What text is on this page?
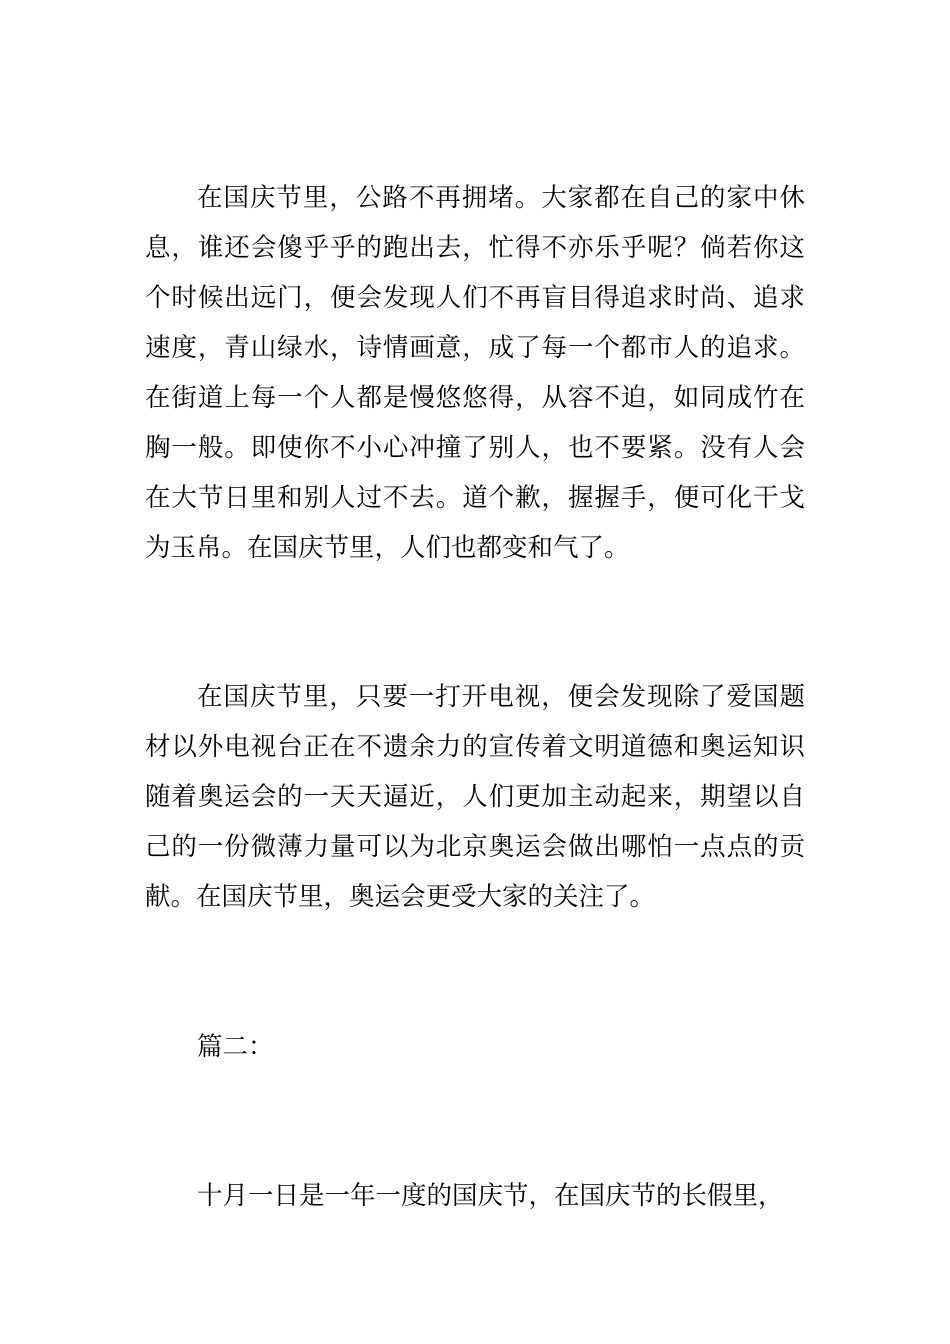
在国庆节里，公路不再拥堵。大家都在自己的家中休息，谁还会傻乎乎的跑出去，忙得不亦乐乎呢？倘若你这个时候出远门，便会发现人们不再盲目得追求时尚、追求速度，青山绿水，诗情画意，成了每一个都市人的追求。在街道上每一个人都是慢悠悠得，从容不迫，如同成竹在胸一般。即使你不小心冲撞了别人，也不要紧。没有人会在大节日里和别人过不去。道个歉，握握手，便可化干戈为玉帛。在国庆节里，人们也都变和气了。

在国庆节里，只要一打开电视，便会发现除了爱国题材以外电视台正在不遗余力的宣传着文明道德和奥运知识随着奥运会的一天天逼近，人们更加主动起来，期望以自己的一份微薄力量可以为北京奥运会做出哪怕一点点的贡献。在国庆节里，奥运会更受大家的关注了。

篇二：

十月一日是一年一度的国庆节，在国庆节的长假里，
